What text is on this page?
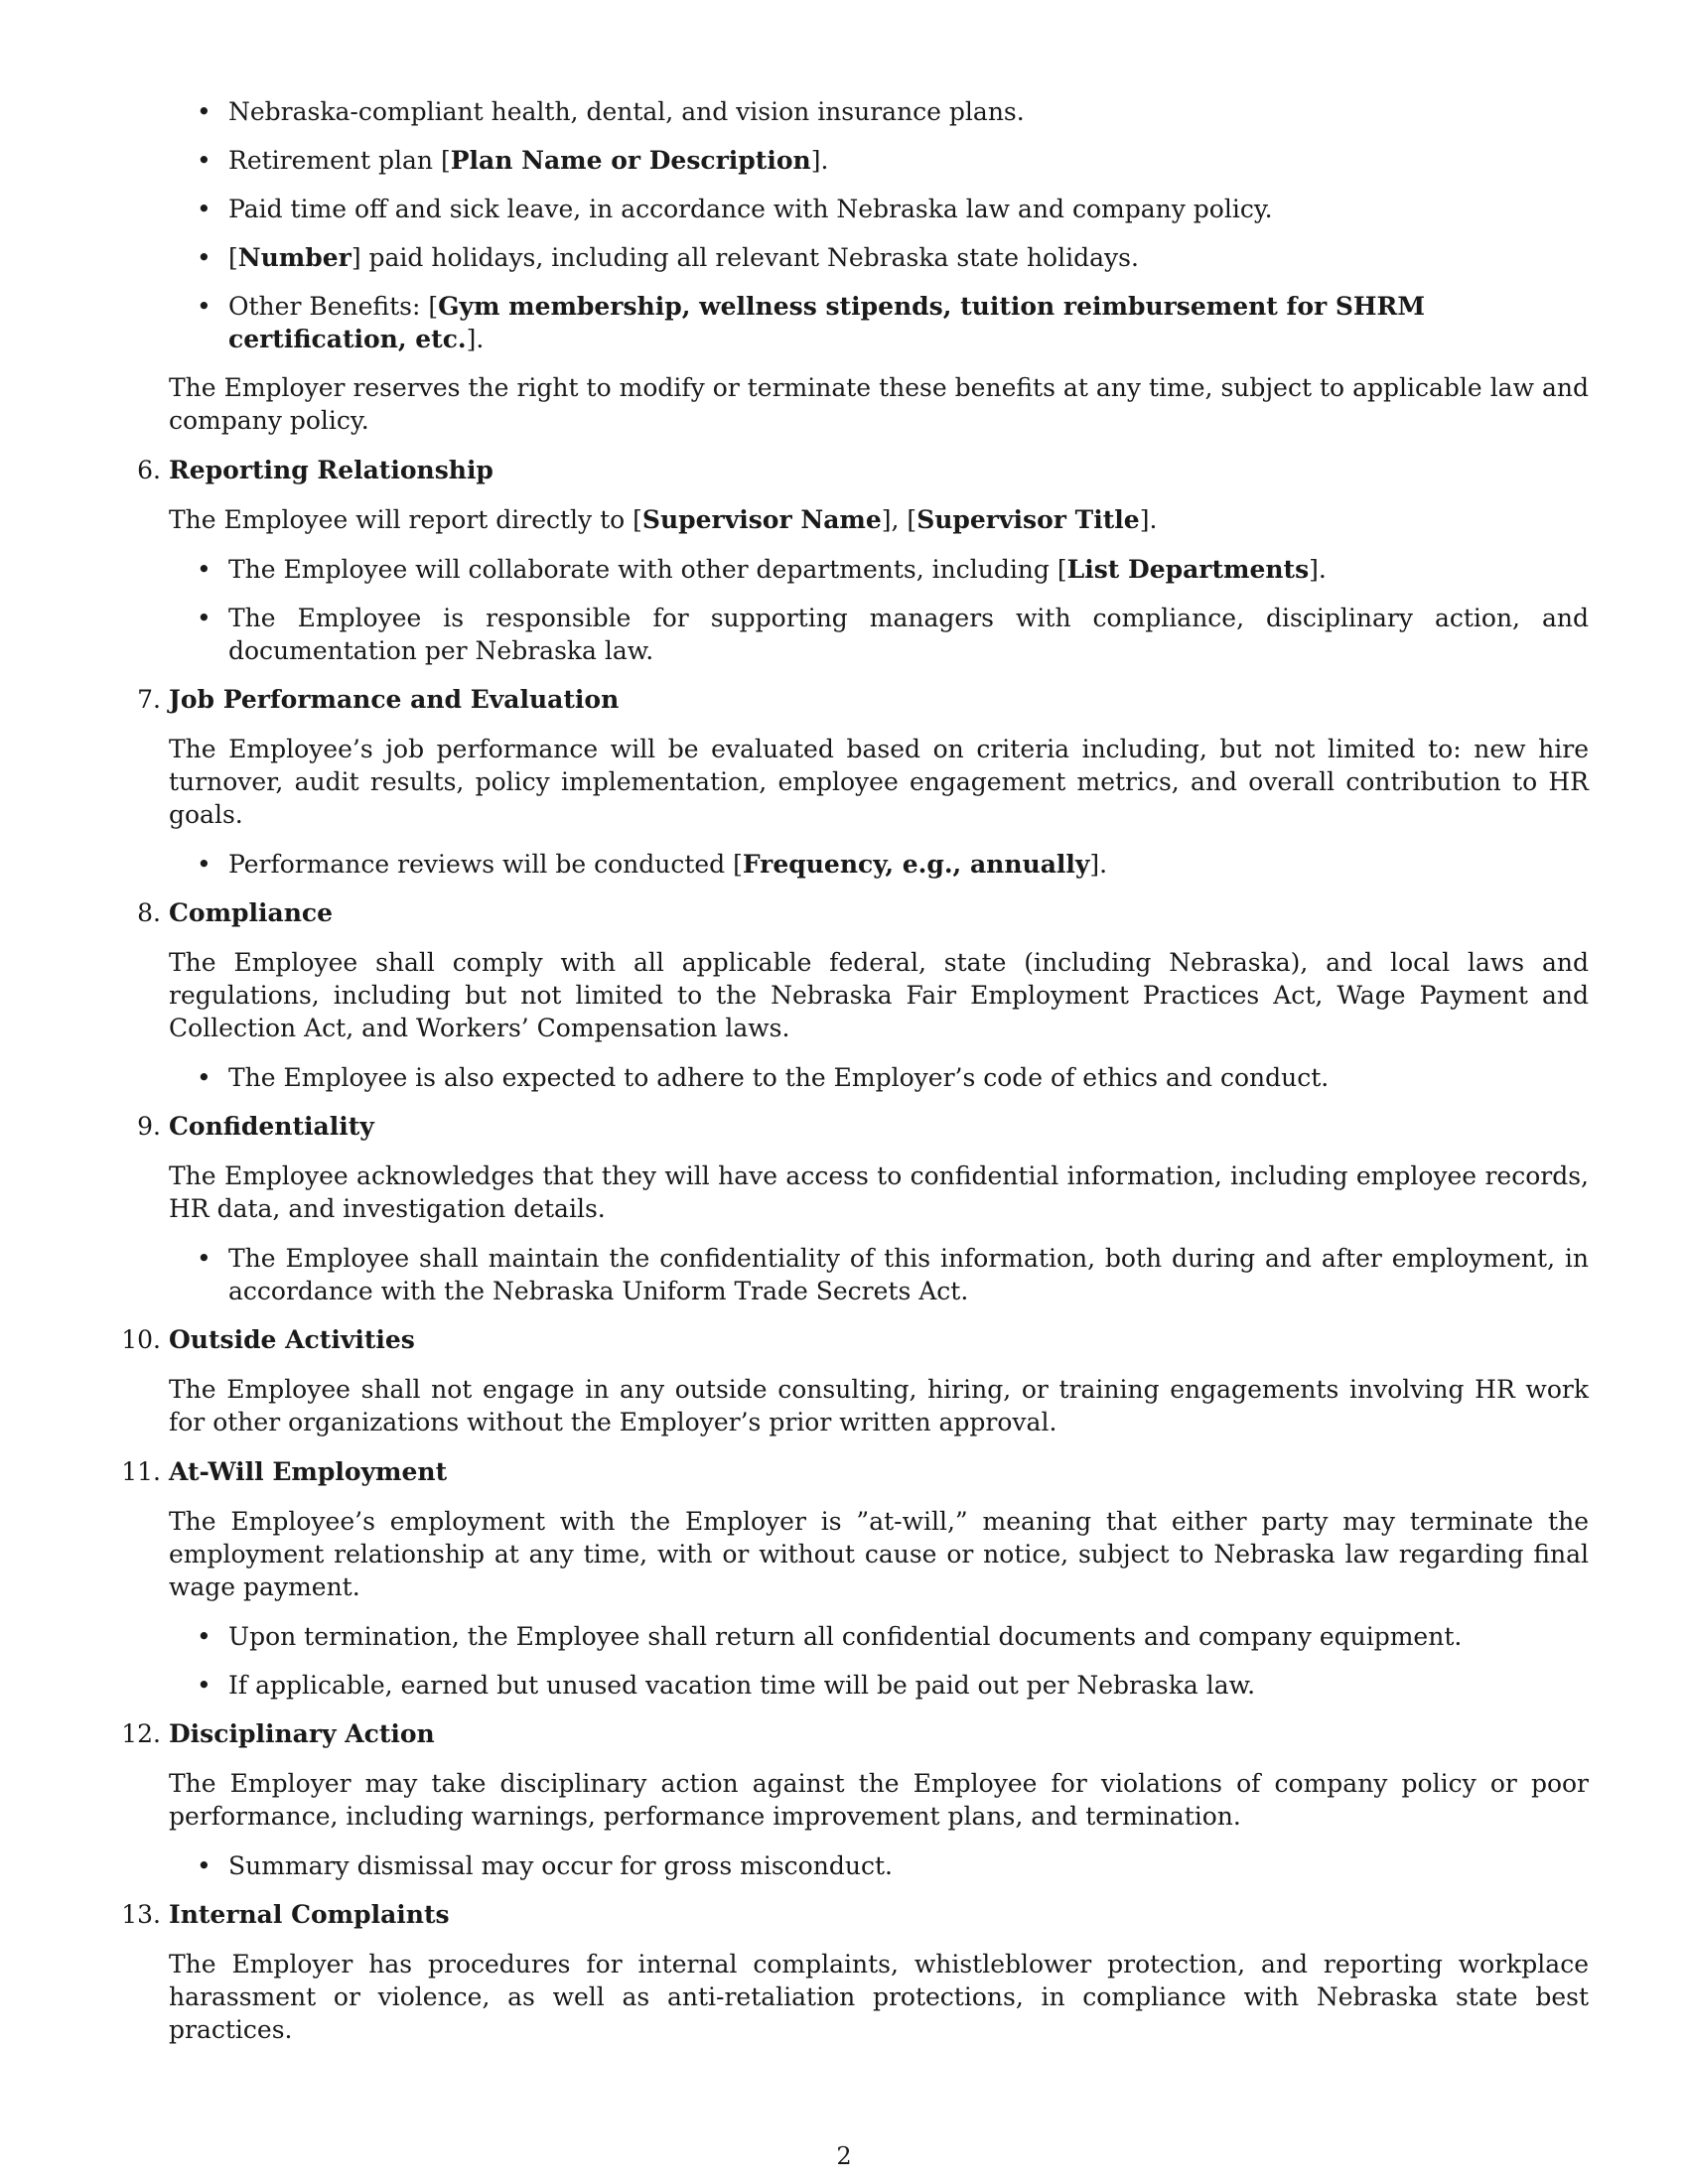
• Nebraska-compliant health, dental, and vision insurance plans.
• Retirement plan [Plan Name or Description].
• Paid time off and sick leave, in accordance with Nebraska law and company policy.
• [Number] paid holidays, including all relevant Nebraska state holidays.
• Other Benefits: [Gym membership, wellness stipends, tuition reimbursement for SHRM certification, etc.].

The Employer reserves the right to modify or terminate these benefits at any time, subject to applicable law and company policy.

6. Reporting Relationship

The Employee will report directly to [Supervisor Name], [Supervisor Title].

• The Employee will collaborate with other departments, including [List Departments].
• The Employee is responsible for supporting managers with compliance, disciplinary action, and documentation per Nebraska law.
7. Job Performance and Evaluation

The Employee’s job performance will be evaluated based on criteria including, but not limited to: new hire turnover, audit results, policy implementation, employee engagement metrics, and overall contribution to HR goals.

• Performance reviews will be conducted [Frequency, e.g., annually].
8. Compliance

The Employee shall comply with all applicable federal, state (including Nebraska), and local laws and regulations, including but not limited to the Nebraska Fair Employment Practices Act, Wage Payment and Collection Act, and Workers’ Compensation laws.

• The Employee is also expected to adhere to the Employer’s code of ethics and conduct.
9. Confidentiality

The Employee acknowledges that they will have access to confidential information, including employee records, HR data, and investigation details.

• The Employee shall maintain the confidentiality of this information, both during and after employment, in accordance with the Nebraska Uniform Trade Secrets Act.
10. Outside Activities

The Employee shall not engage in any outside consulting, hiring, or training engagements involving HR work for other organizations without the Employer’s prior written approval.

11. At-Will Employment

The Employee’s employment with the Employer is ”at-will,” meaning that either party may terminate the employment relationship at any time, with or without cause or notice, subject to Nebraska law regarding final wage payment.

• Upon termination, the Employee shall return all confidential documents and company equipment.
• If applicable, earned but unused vacation time will be paid out per Nebraska law.
12. Disciplinary Action

The Employer may take disciplinary action against the Employee for violations of company policy or poor performance, including warnings, performance improvement plans, and termination.

• Summary dismissal may occur for gross misconduct.
13. Internal Complaints

The Employer has procedures for internal complaints, whistleblower protection, and reporting workplace harassment or violence, as well as anti-retaliation protections, in compliance with Nebraska state best practices.

2
